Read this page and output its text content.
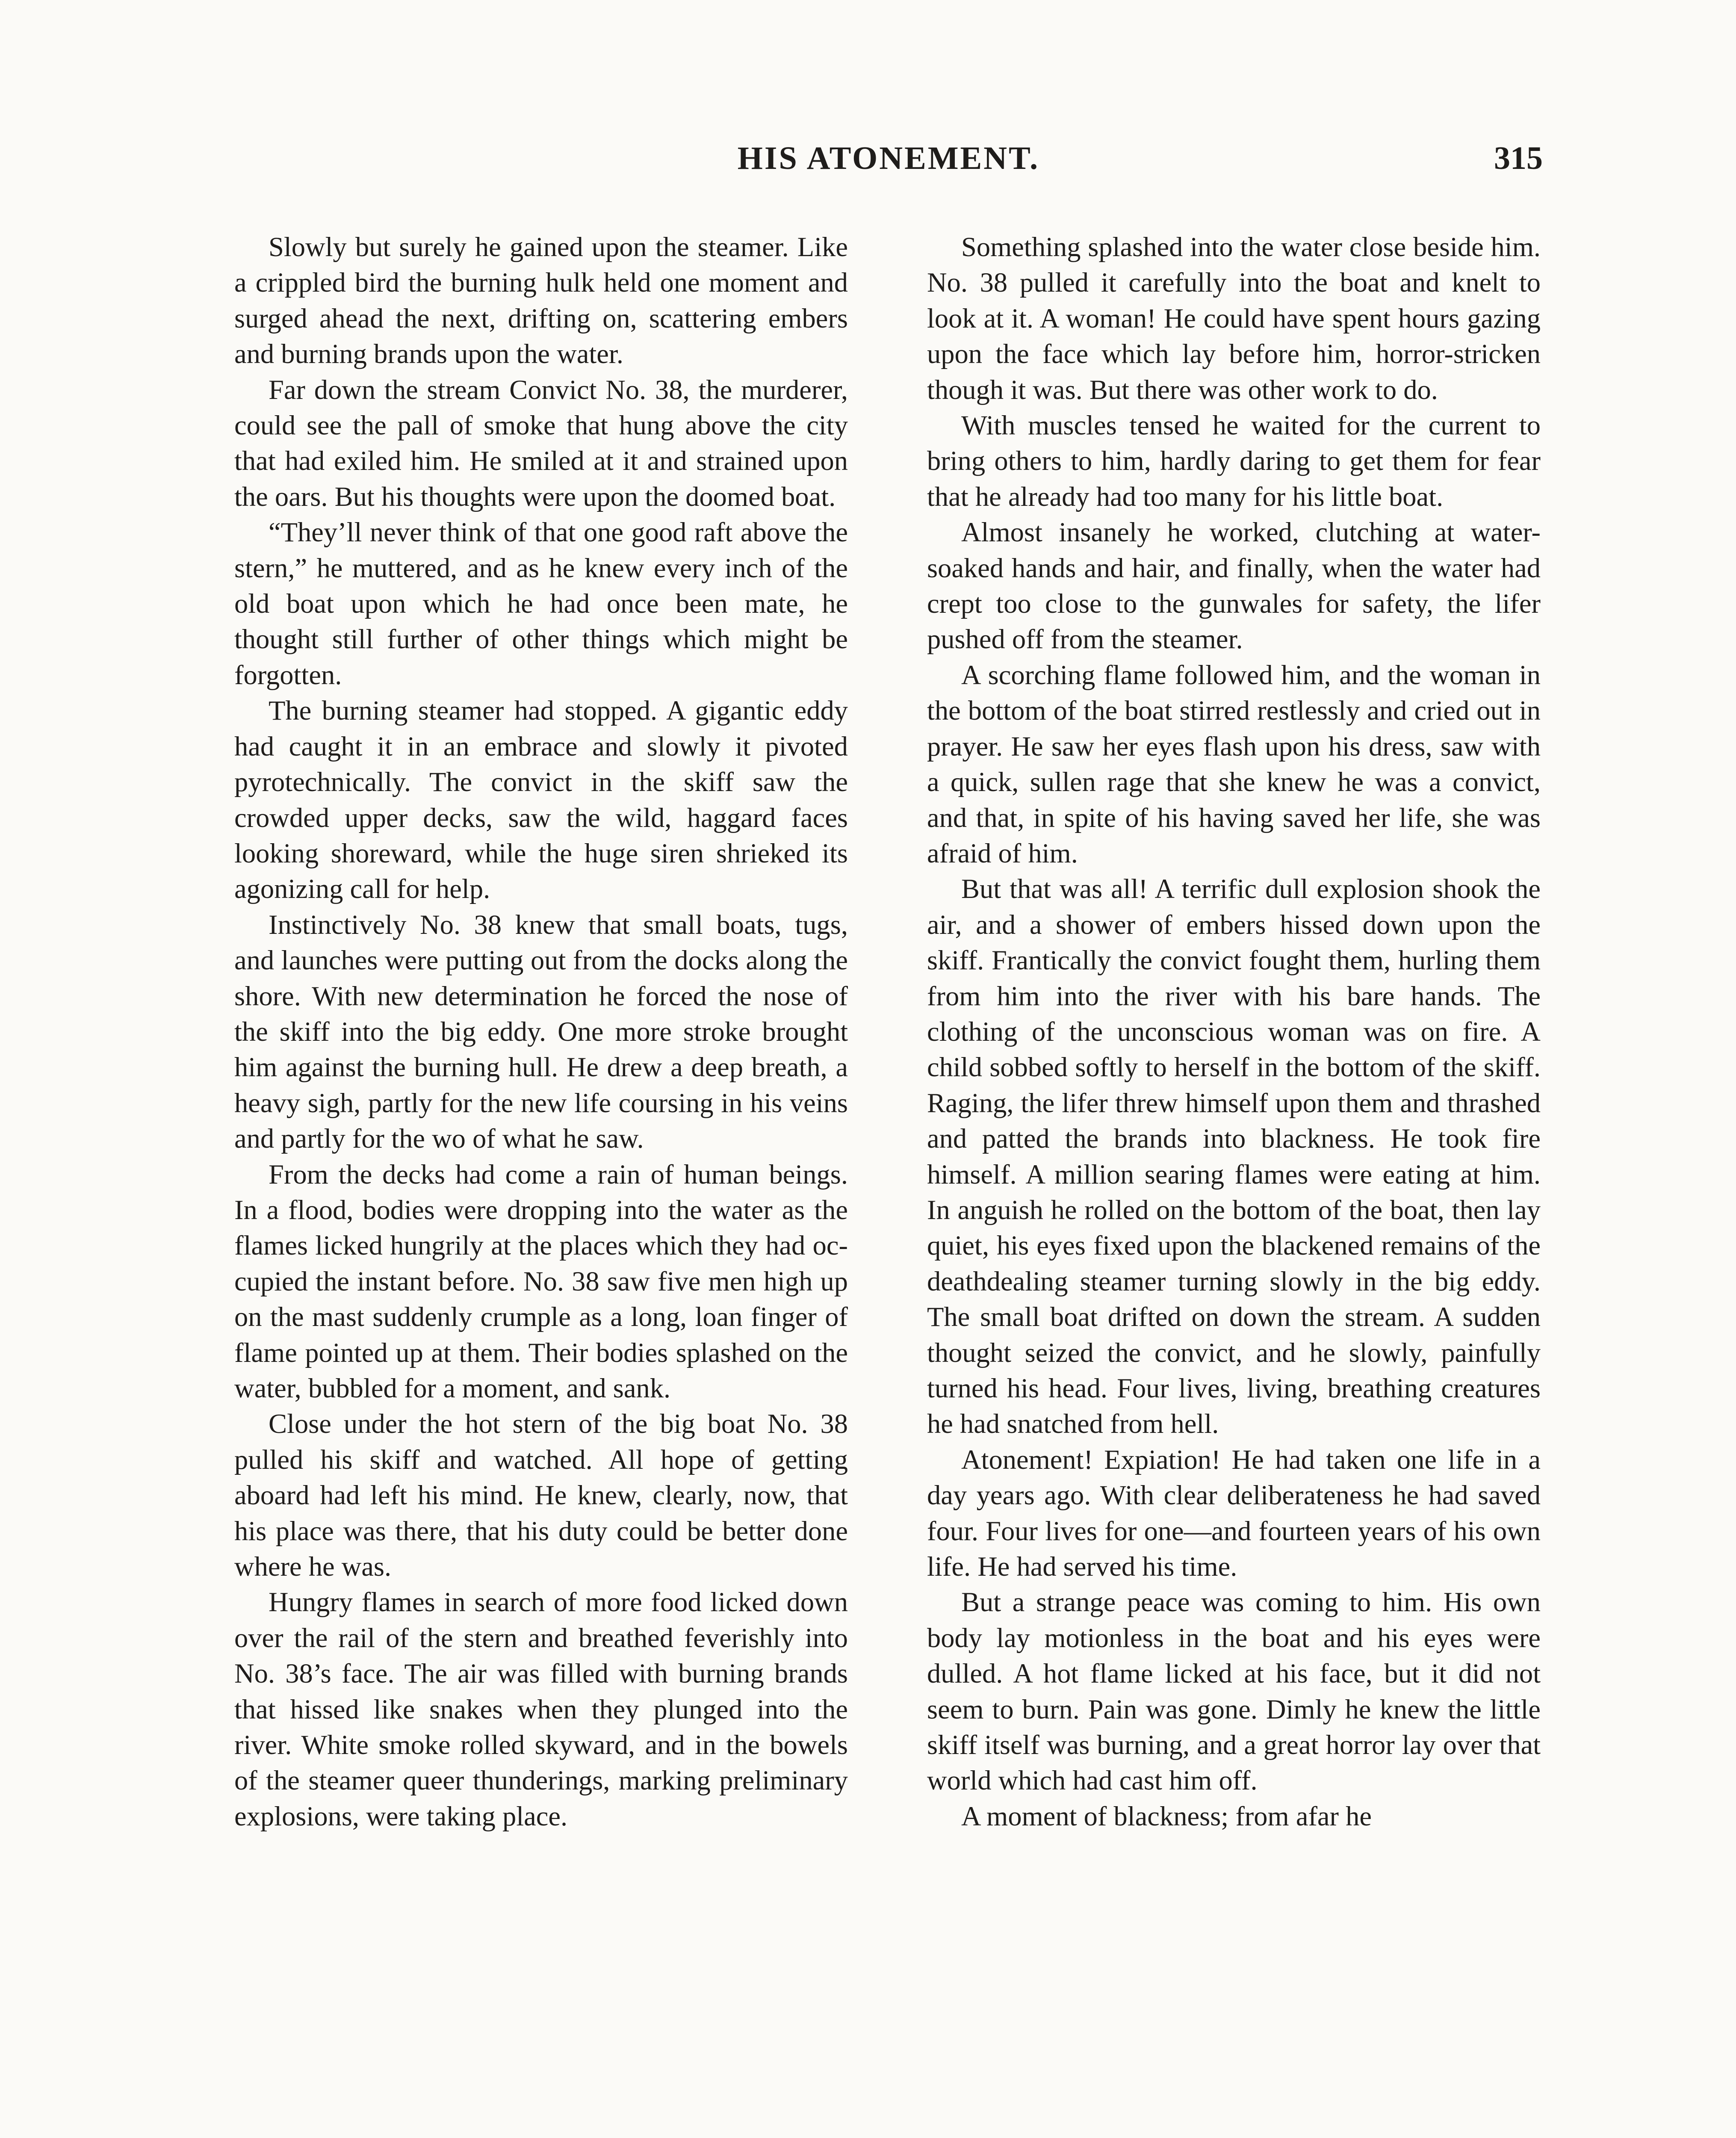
HIS ATONEMENT.	315

Slowly but surely he gained upon the steamer. Like a crippled bird the burning hulk held one moment and surged ahead the next, drifting on, scattering embers and burning brands upon the water.

Far down the stream Convict No. 38, the murderer, could see the pall of smoke that hung above the city that had exiled him. He smiled at it and strained upon the oars. But his thoughts were upon the doomed boat.

“They’ll never think of that one good raft above the stern,” he muttered, and as he knew every inch of the old boat upon which he had once been mate, he thought still further of other things which might be forgotten.

The burning steamer had stopped. A gigantic eddy had caught it in an embrace and slowly it pivoted pyrotechnically. The convict in the skiff saw the crowded upper decks, saw the wild, haggard faces looking shoreward, while the huge siren shrieked its agonizing call for help.

Instinctively No. 38 knew that small boats, tugs, and launches were putting out from the docks along the shore. With new determination he forced the nose of the skiff into the big eddy. One more stroke brought him against the burning hull. He drew a deep breath, a heavy sigh, partly for the new life coursing in his veins and partly for the wo of what he saw.

From the decks had come a rain of human beings. In a flood, bodies were dropping into the water as the flames licked hungrily at the places which they had occupied the instant before. No. 38 saw five men high up on the mast suddenly crumple as a long, loan finger of flame pointed up at them. Their bodies splashed on the water, bubbled for a moment, and sank.

Close under the hot stern of the big boat No. 38 pulled his skiff and watched. All hope of getting aboard had left his mind. He knew, clearly, now, that his place was there, that his duty could be better done where he was.

Hungry flames in search of more food licked down over the rail of the stern and breathed feverishly into No. 38’s face. The air was filled with burning brands that hissed like snakes when they plunged into the river. White smoke rolled skyward, and in the bowels of the steamer queer thunderings, marking preliminary explosions, were taking place.

Something splashed into the water close beside him. No. 38 pulled it carefully into the boat and knelt to look at it. A woman! He could have spent hours gazing upon the face which lay before him, horror-stricken though it was. But there was other work to do.

With muscles tensed he waited for the current to bring others to him, hardly daring to get them for fear that he already had too many for his little boat.

Almost insanely he worked, clutching at water-soaked hands and hair, and finally, when the water had crept too close to the gunwales for safety, the lifer pushed off from the steamer.

A scorching flame followed him, and the woman in the bottom of the boat stirred restlessly and cried out in prayer. He saw her eyes flash upon his dress, saw with a quick, sullen rage that she knew he was a convict, and that, in spite of his having saved her life, she was afraid of him.

But that was all! A terrific dull explosion shook the air, and a shower of embers hissed down upon the skiff. Frantically the convict fought them, hurling them from him into the river with his bare hands. The clothing of the unconscious woman was on fire. A child sobbed softly to herself in the bottom of the skiff. Raging, the lifer threw himself upon them and thrashed and patted the brands into blackness. He took fire himself. A million searing flames were eating at him. In anguish he rolled on the bottom of the boat, then lay quiet, his eyes fixed upon the blackened remains of the deathdealing steamer turning slowly in the big eddy. The small boat drifted on down the stream. A sudden thought seized the convict, and he slowly, painfully turned his head. Four lives, living, breathing creatures he had snatched from hell.

Atonement! Expiation! He had taken one life in a day years ago. With clear deliberateness he had saved four. Four lives for one—and fourteen years of his own life. He had served his time.

But a strange peace was coming to him. His own body lay motionless in the boat and his eyes were dulled. A hot flame licked at his face, but it did not seem to burn. Pain was gone. Dimly he knew the little skiff itself was burning, and a great horror lay over that world which had cast him off.

A moment of blackness; from afar he
